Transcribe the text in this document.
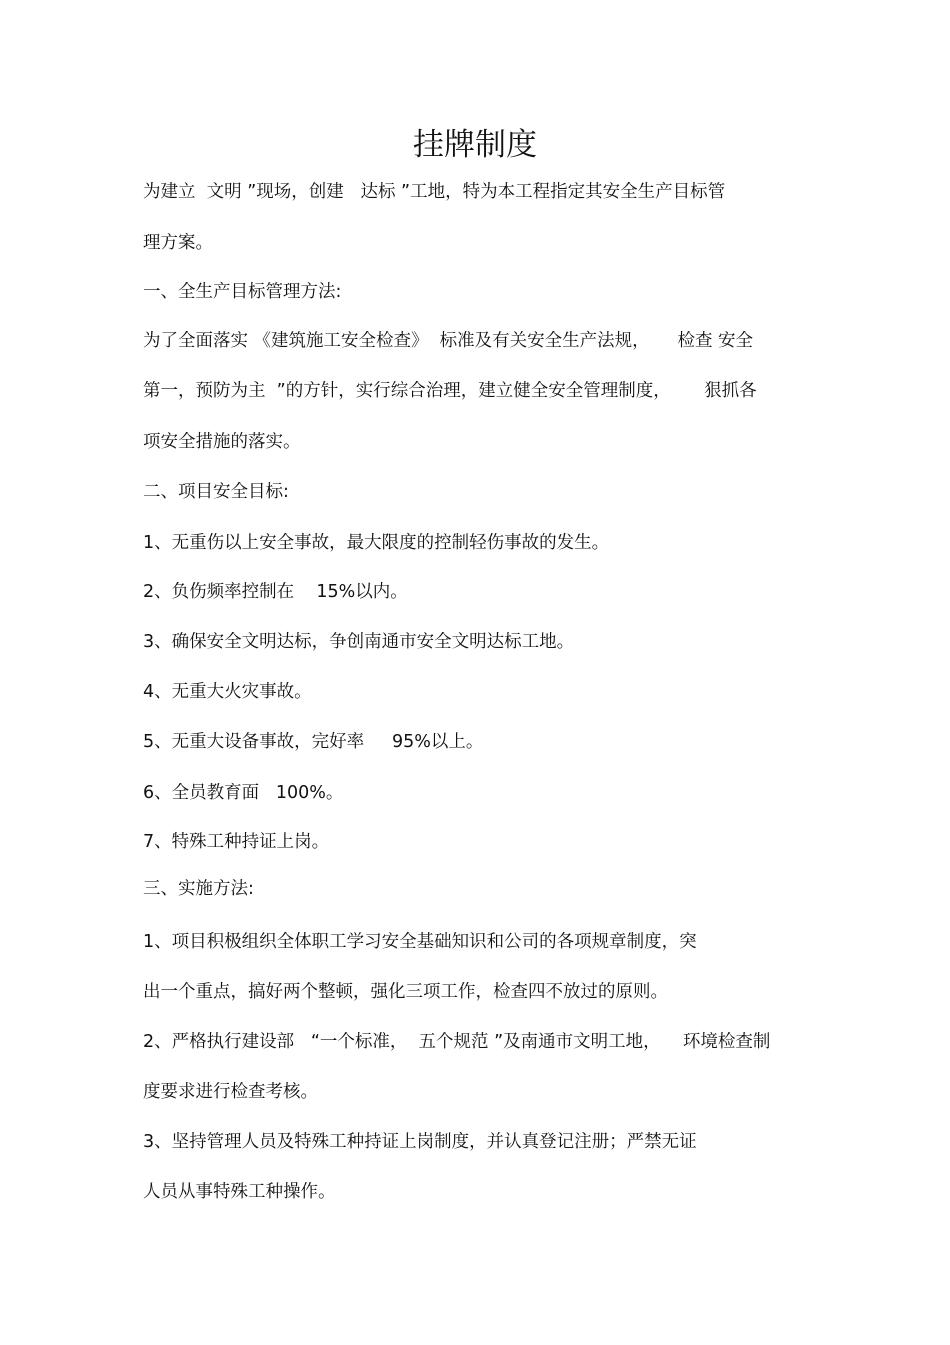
挂牌制度

为建立  文明 ”现场，创建   达标 ”工地，特为本工程指定其安全生产目标管

理方案。

一、全生产目标管理方法:

为了全面落实 《建筑施工安全检查》  标准及有关安全生产法规，     检查 安全

第一，预防为主  ”的方针，实行综合治理，建立健全安全管理制度，      狠抓各

项安全措施的落实。

二、项目安全目标:

1、无重伤以上安全事故，最大限度的控制轻伤事故的发生。

2、负伤频率控制在    15%以内。

3、确保安全文明达标，争创南通市安全文明达标工地。

4、无重大火灾事故。

5、无重大设备事故，完好率     95%以上。

6、全员教育面   100%。

7、特殊工种持证上岗。

三、实施方法:

1、项目积极组织全体职工学习安全基础知识和公司的各项规章制度，突

出一个重点，搞好两个整顿，强化三项工作，检查四不放过的原则。

2、严格执行建设部   “一个标准，  五个规范 ”及南通市文明工地，    环境检查制

度要求进行检查考核。

3、坚持管理人员及特殊工种持证上岗制度，并认真登记注册；严禁无证

人员从事特殊工种操作。
